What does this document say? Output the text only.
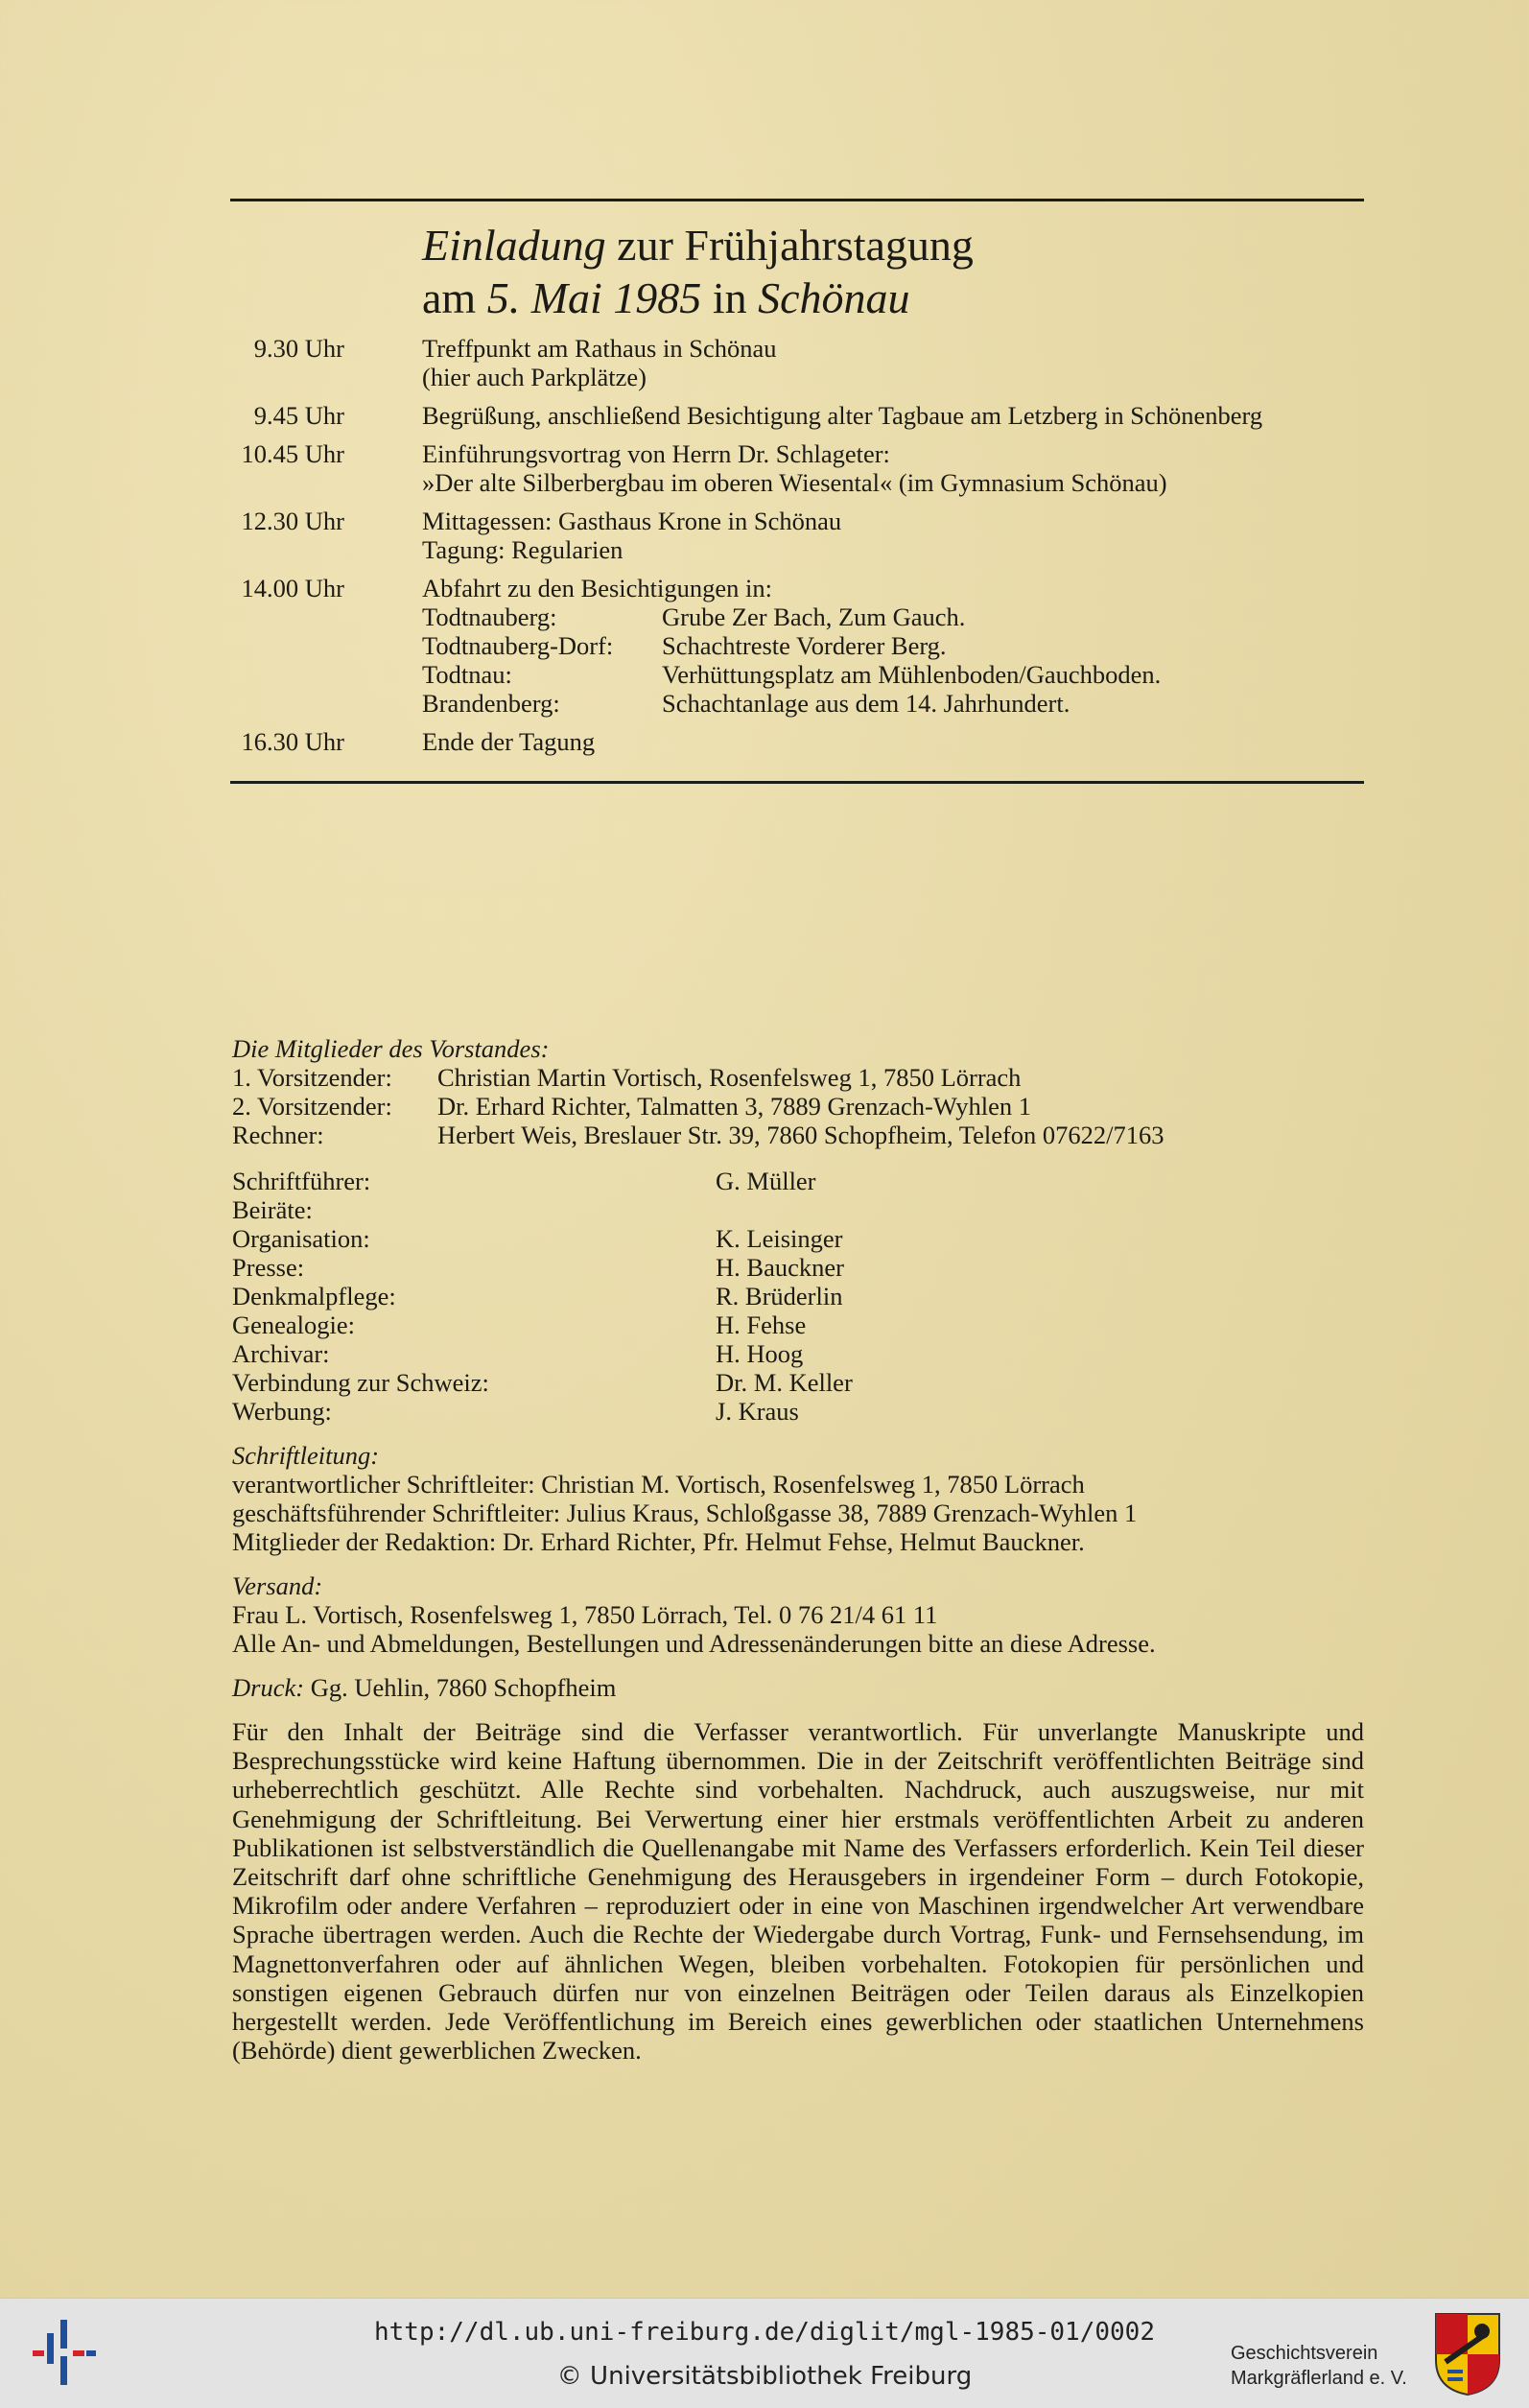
Einladung zur Frühjahrstagung
am 5. Mai 1985 in Schönau
9.30 Uhr	Treffpunkt am Rathaus in Schönau
(hier auch Parkplätze)
9.45 Uhr	Begrüßung, anschließend Besichtigung alter Tagbaue am Letzberg in Schönenberg
10.45 Uhr	Einführungsvortrag von Herrn Dr. Schlageter:
»Der alte Silberbergbau im oberen Wiesental« (im Gymnasium Schönau)
12.30 Uhr	Mittagessen: Gasthaus Krone in Schönau
Tagung: Regularien
14.00 Uhr	Abfahrt zu den Besichtigungen in:
Todtnauberg:	Grube Zer Bach, Zum Gauch.
Todtnauberg-Dorf:	Schachtreste Vorderer Berg.
Todtnau:	Verhüttungsplatz am Mühlenboden/Gauchboden.
Brandenberg:	Schachtanlage aus dem 14. Jahrhundert.
16.30 Uhr	Ende der Tagung
Die Mitglieder des Vorstandes:
1. Vorsitzender:	Christian Martin Vortisch, Rosenfelsweg 1, 7850 Lörrach
2. Vorsitzender:	Dr. Erhard Richter, Talmatten 3, 7889 Grenzach-Wyhlen 1
Rechner:	Herbert Weis, Breslauer Str. 39, 7860 Schopfheim, Telefon 07622/7163
Schriftführer:	G. Müller
Beiräte:
Organisation:	K. Leisinger
Presse:	H. Bauckner
Denkmalpflege:	R. Brüderlin
Genealogie:	H. Fehse
Archivar:	H. Hoog
Verbindung zur Schweiz:	Dr. M. Keller
Werbung:	J. Kraus
Schriftleitung:
verantwortlicher Schriftleiter: Christian M. Vortisch, Rosenfelsweg 1, 7850 Lörrach
geschäftsführender Schriftleiter: Julius Kraus, Schloßgasse 38, 7889 Grenzach-Wyhlen 1
Mitglieder der Redaktion: Dr. Erhard Richter, Pfr. Helmut Fehse, Helmut Bauckner.
Versand:
Frau L. Vortisch, Rosenfelsweg 1, 7850 Lörrach, Tel. 0 76 21/4 61 11
Alle An- und Abmeldungen, Bestellungen und Adressenänderungen bitte an diese Adresse.
Druck: Gg. Uehlin, 7860 Schopfheim
Für den Inhalt der Beiträge sind die Verfasser verantwortlich. Für unverlangte Manuskripte und Besprechungsstücke wird keine Haftung übernommen. Die in der Zeitschrift veröffentlichten Beiträge sind urheberrechtlich geschützt. Alle Rechte sind vorbehalten. Nachdruck, auch auszugsweise, nur mit Genehmigung der Schriftleitung. Bei Verwertung einer hier erstmals veröffentlichten Arbeit zu anderen Publikationen ist selbstverständlich die Quellenangabe mit Name des Verfassers erforderlich. Kein Teil dieser Zeitschrift darf ohne schriftliche Genehmigung des Herausgebers in irgendeiner Form – durch Fotokopie, Mikrofilm oder andere Verfahren – reproduziert oder in eine von Maschinen irgendwelcher Art verwendbare Sprache übertragen werden. Auch die Rechte der Wiedergabe durch Vortrag, Funk- und Fernsehsendung, im Magnettonverfahren oder auf ähnlichen Wegen, bleiben vorbehalten. Fotokopien für persönlichen und sonstigen eigenen Gebrauch dürfen nur von einzelnen Beiträgen oder Teilen daraus als Einzelkopien hergestellt werden. Jede Veröffentlichung im Bereich eines gewerblichen oder staatlichen Unternehmens (Behörde) dient gewerblichen Zwecken.
http://dl.ub.uni-freiburg.de/diglit/mgl-1985-01/0002
© Universitätsbibliothek Freiburg
Geschichtsverein
Markgräflerland e. V.
